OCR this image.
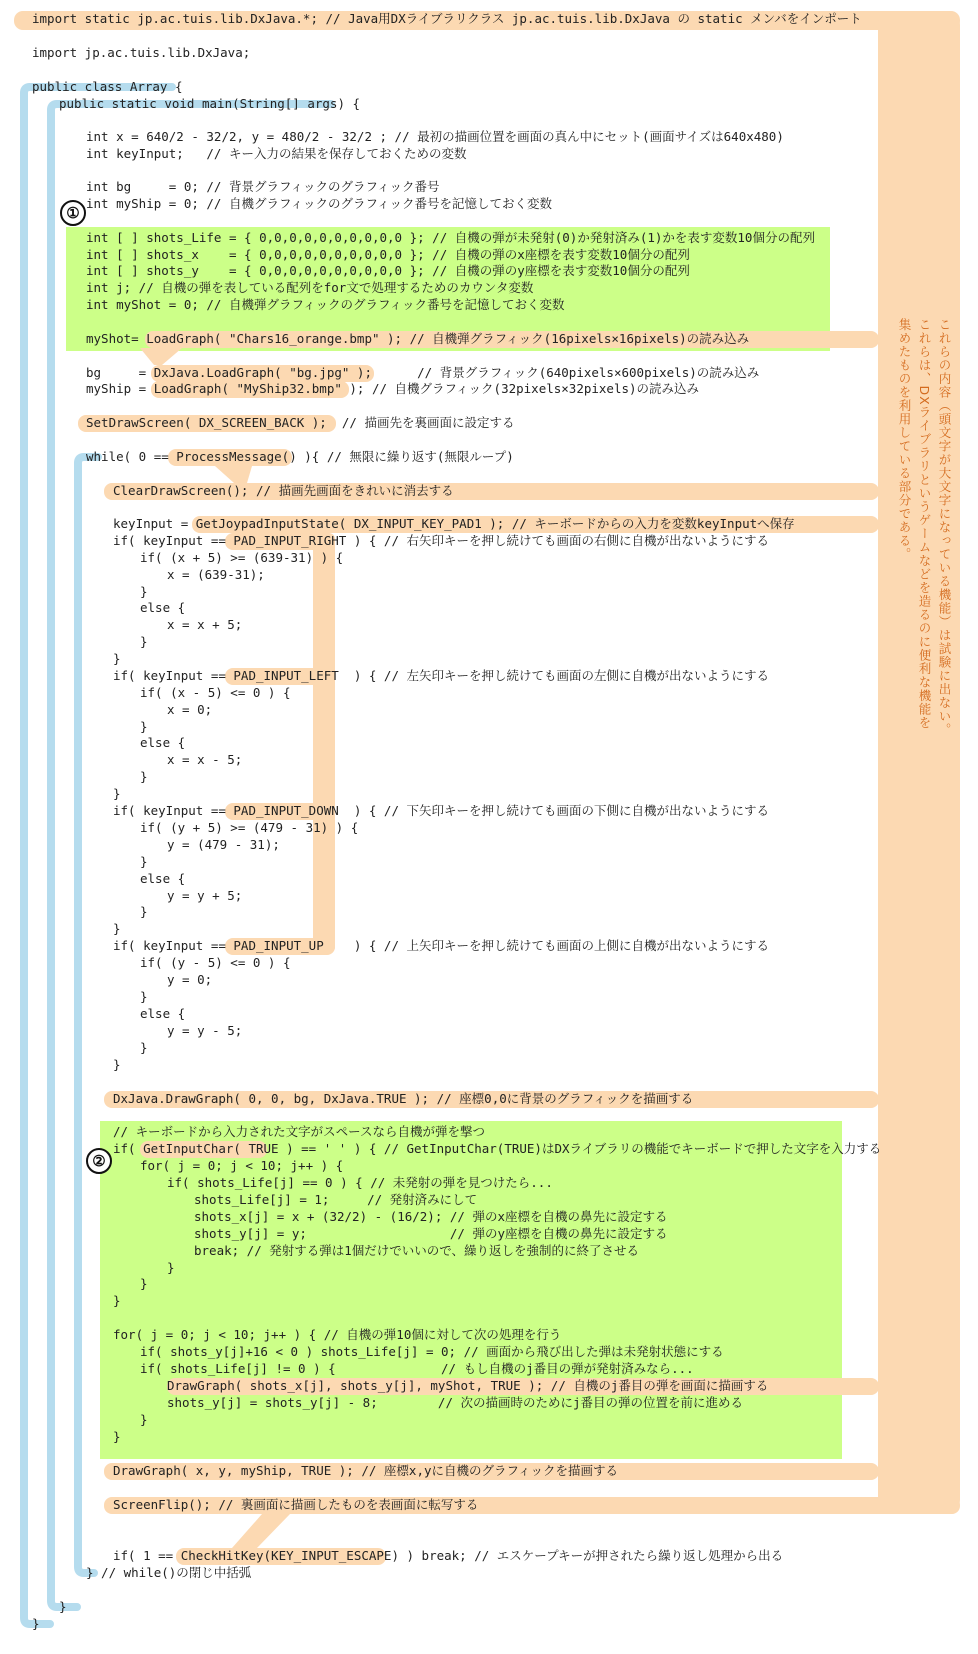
import static jp.ac.tuis.lib.DxJava.*; // Java用DXライブラリクラス jp.ac.tuis.lib.DxJava の static メンバをインポート
import jp.ac.tuis.lib.DxJava;
public class Array {
public static void main(String[] args) {
int x = 640/2 - 32/2, y = 480/2 - 32/2 ; // 最初の描画位置を画面の真ん中にセット(画面サイズは640x480)
int keyInput;   // キー入力の結果を保存しておくための変数
int bg     = 0; // 背景グラフィックのグラフィック番号
int myShip = 0; // 自機グラフィックのグラフィック番号を記憶しておく変数
int [ ] shots_Life = { 0,0,0,0,0,0,0,0,0,0 }; // 自機の弾が未発射(0)か発射済み(1)かを表す変数10個分の配列
int [ ] shots_x    = { 0,0,0,0,0,0,0,0,0,0 }; // 自機の弾のx座標を表す変数10個分の配列
int [ ] shots_y    = { 0,0,0,0,0,0,0,0,0,0 }; // 自機の弾のy座標を表す変数10個分の配列
int j; // 自機の弾を表している配列をfor文で処理するためのカウンタ変数
int myShot = 0; // 自機弾グラフィックのグラフィック番号を記憶しておく変数
myShot= LoadGraph( "Chars16_orange.bmp" ); // 自機弾グラフィック(16pixels×16pixels)の読み込み
bg     = DxJava.LoadGraph( "bg.jpg" );      // 背景グラフィック(640pixels×600pixels)の読み込み
myShip = LoadGraph( "MyShip32.bmp" ); // 自機グラフィック(32pixels×32pixels)の読み込み
SetDrawScreen( DX_SCREEN_BACK );  // 描画先を裏画面に設定する
while( 0 == ProcessMessage() ){ // 無限に繰り返す(無限ループ)
ClearDrawScreen(); // 描画先画面をきれいに消去する
keyInput = GetJoypadInputState( DX_INPUT_KEY_PAD1 ); // キーボードからの入力を変数keyInputへ保存
if( keyInput == PAD_INPUT_RIGHT ) { // 右矢印キーを押し続けても画面の右側に自機が出ないようにする
if( (x + 5) >= (639-31) ) {
x = (639-31);
}
else {
x = x + 5;
}
}
if( keyInput == PAD_INPUT_LEFT  ) { // 左矢印キーを押し続けても画面の左側に自機が出ないようにする
if( (x - 5) <= 0 ) {
x = 0;
}
else {
x = x - 5;
}
}
if( keyInput == PAD_INPUT_DOWN  ) { // 下矢印キーを押し続けても画面の下側に自機が出ないようにする
if( (y + 5) >= (479 - 31) ) {
y = (479 - 31);
}
else {
y = y + 5;
}
}
if( keyInput == PAD_INPUT_UP    ) { // 上矢印キーを押し続けても画面の上側に自機が出ないようにする
if( (y - 5) <= 0 ) {
y = 0;
}
else {
y = y - 5;
}
}
DxJava.DrawGraph( 0, 0, bg, DxJava.TRUE ); // 座標0,0に背景のグラフィックを描画する
// キーボードから入力された文字がスペースなら自機が弾を撃つ
if( GetInputChar( TRUE ) == ' ' ) { // GetInputChar(TRUE)はDXライブラリの機能でキーボードで押した文字を入力する
for( j = 0; j < 10; j++ ) {
if( shots_Life[j] == 0 ) { // 未発射の弾を見つけたら...
shots_Life[j] = 1;     // 発射済みにして
shots_x[j] = x + (32/2) - (16/2); // 弾のx座標を自機の鼻先に設定する
shots_y[j] = y;                   // 弾のy座標を自機の鼻先に設定する
break; // 発射する弾は1個だけでいいので、繰り返しを強制的に終了させる
}
}
}
for( j = 0; j < 10; j++ ) { // 自機の弾10個に対して次の処理を行う
if( shots_y[j]+16 < 0 ) shots_Life[j] = 0; // 画面から飛び出した弾は未発射状態にする
if( shots_Life[j] != 0 ) {              // もし自機のj番目の弾が発射済みなら...
DrawGraph( shots_x[j], shots_y[j], myShot, TRUE ); // 自機のj番目の弾を画面に描画する
shots_y[j] = shots_y[j] - 8;        // 次の描画時のためにj番目の弾の位置を前に進める
}
}
DrawGraph( x, y, myShip, TRUE ); // 座標x,yに自機のグラフィックを描画する
ScreenFlip(); // 裏画面に描画したものを表画面に転写する
if( 1 == CheckHitKey(KEY_INPUT_ESCAPE) ) break; // エスケープキーが押されたら繰り返し処理から出る
} // while()の閉じ中括弧
}
}
①
②
これらの内容（頭文字が大文字になっている機能）は試験に出ない。
これらは、DXライブラリというゲームなどを造るのに便利な機能を
集めたものを利用している部分である。
